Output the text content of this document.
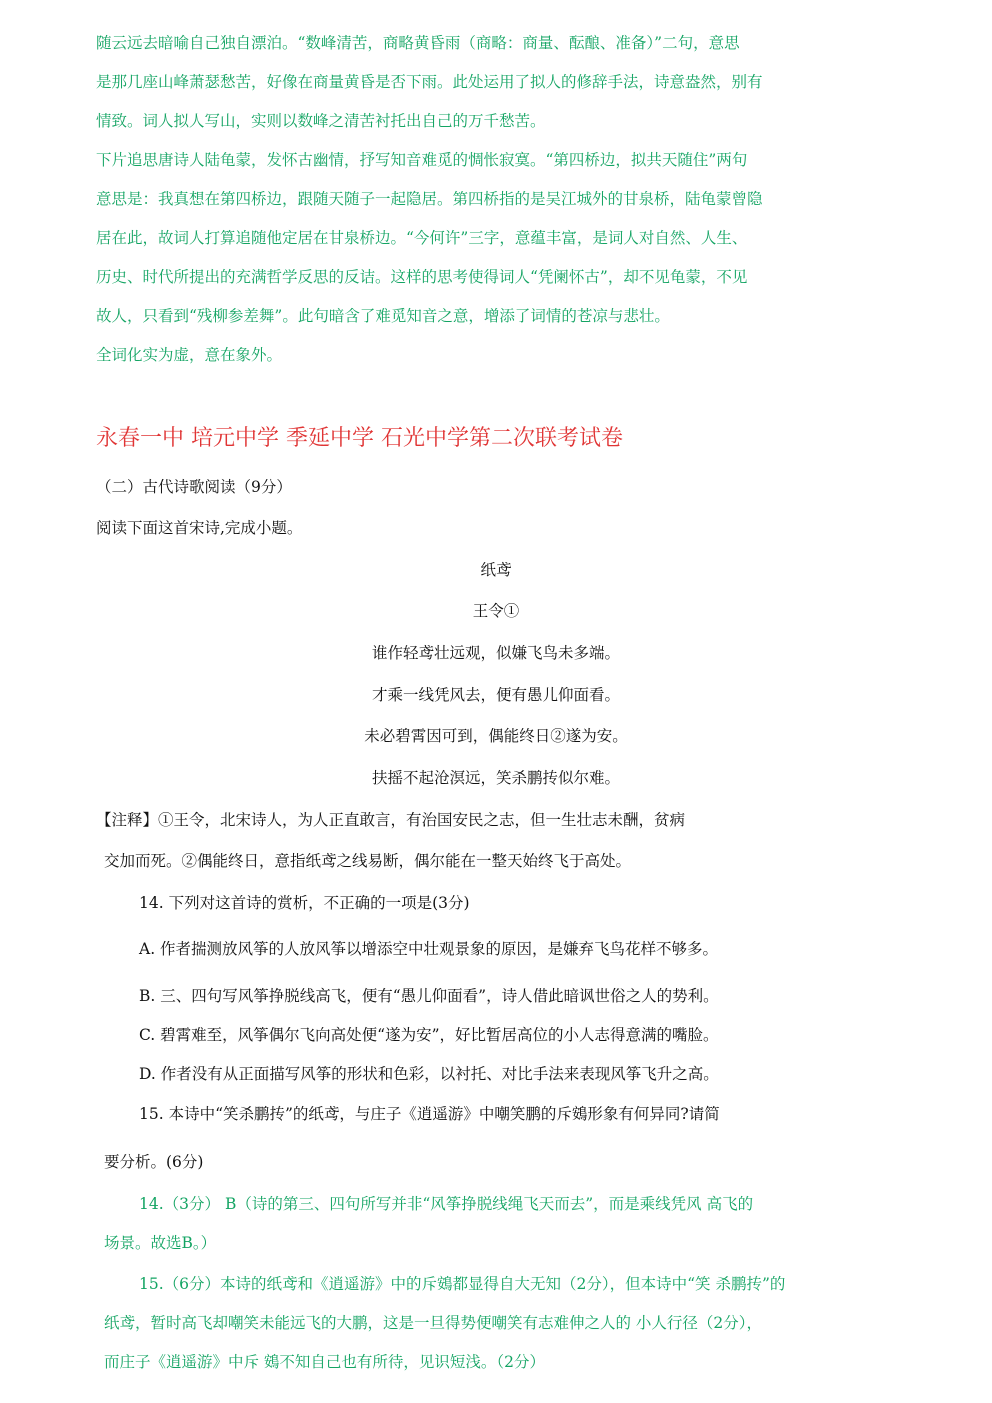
随云远去暗喻自己独自漂泊。“数峰清苦，商略黄昏雨（商略：商量、酝酿、准备）”二句，意思
是那几座山峰萧瑟愁苦，好像在商量黄昏是否下雨。此处运用了拟人的修辞手法，诗意盎然，别有
情致。词人拟人写山，实则以数峰之清苦衬托出自己的万千愁苦。
下片追思唐诗人陆龟蒙，发怀古幽情，抒写知音难觅的惆怅寂寞。“第四桥边，拟共天随住”两句
意思是：我真想在第四桥边，跟随天随子一起隐居。第四桥指的是吴江城外的甘泉桥，陆龟蒙曾隐
居在此，故词人打算追随他定居在甘泉桥边。“今何许”三字，意蕴丰富，是词人对自然、人生、
历史、时代所提出的充满哲学反思的反诘。这样的思考使得词人“凭阑怀古”，却不见龟蒙，不见
故人，只看到“残柳参差舞”。此句暗含了难觅知音之意，增添了词情的苍凉与悲壮。
全词化实为虚，意在象外。
永春一中 培元中学 季延中学 石光中学第二次联考试卷
（二）古代诗歌阅读（9分）
阅读下面这首宋诗,完成小题。
纸鸢
王令①
谁作轻鸢壮远观，似嫌飞鸟未多端。
才乘一线凭风去，便有愚儿仰面看。
未必碧霄因可到，偶能终日②遂为安。
扶摇不起沧溟远，笑杀鹏抟似尔难。
【注释】①王令，北宋诗人，为人正直敢言，有治国安民之志，但一生壮志未酬，贫病
交加而死。②偶能终日，意指纸鸢之线易断，偶尔能在一整天始终飞于高处。
14. 下列对这首诗的赏析，不正确的一项是(3分)
A. 作者揣测放风筝的人放风筝以增添空中壮观景象的原因，是嫌弃飞鸟花样不够多。
B. 三、四句写风筝挣脱线高飞，便有“愚儿仰面看”，诗人借此暗讽世俗之人的势利。
C. 碧霄难至，风筝偶尔飞向高处便“遂为安”，好比暂居高位的小人志得意满的嘴脸。
D. 作者没有从正面描写风筝的形状和色彩，以衬托、对比手法来表现风筝飞升之高。
15. 本诗中“笑杀鹏抟”的纸鸢，与庄子《逍遥游》中嘲笑鹏的斥鴳形象有何异同?请简
要分析。(6分)
14.（3分） B（诗的第三、四句所写并非“风筝挣脱线绳飞天而去”，而是乘线凭风 高飞的
场景。故选B。）
15.（6分）本诗的纸鸢和《逍遥游》中的斥鴳都显得自大无知（2分），但本诗中“笑 杀鹏抟”的
纸鸢，暂时高飞却嘲笑未能远飞的大鹏，这是一旦得势便嘲笑有志难伸之人的 小人行径（2分），
而庄子《逍遥游》中斥 鴳不知自己也有所待，见识短浅。（2分）
